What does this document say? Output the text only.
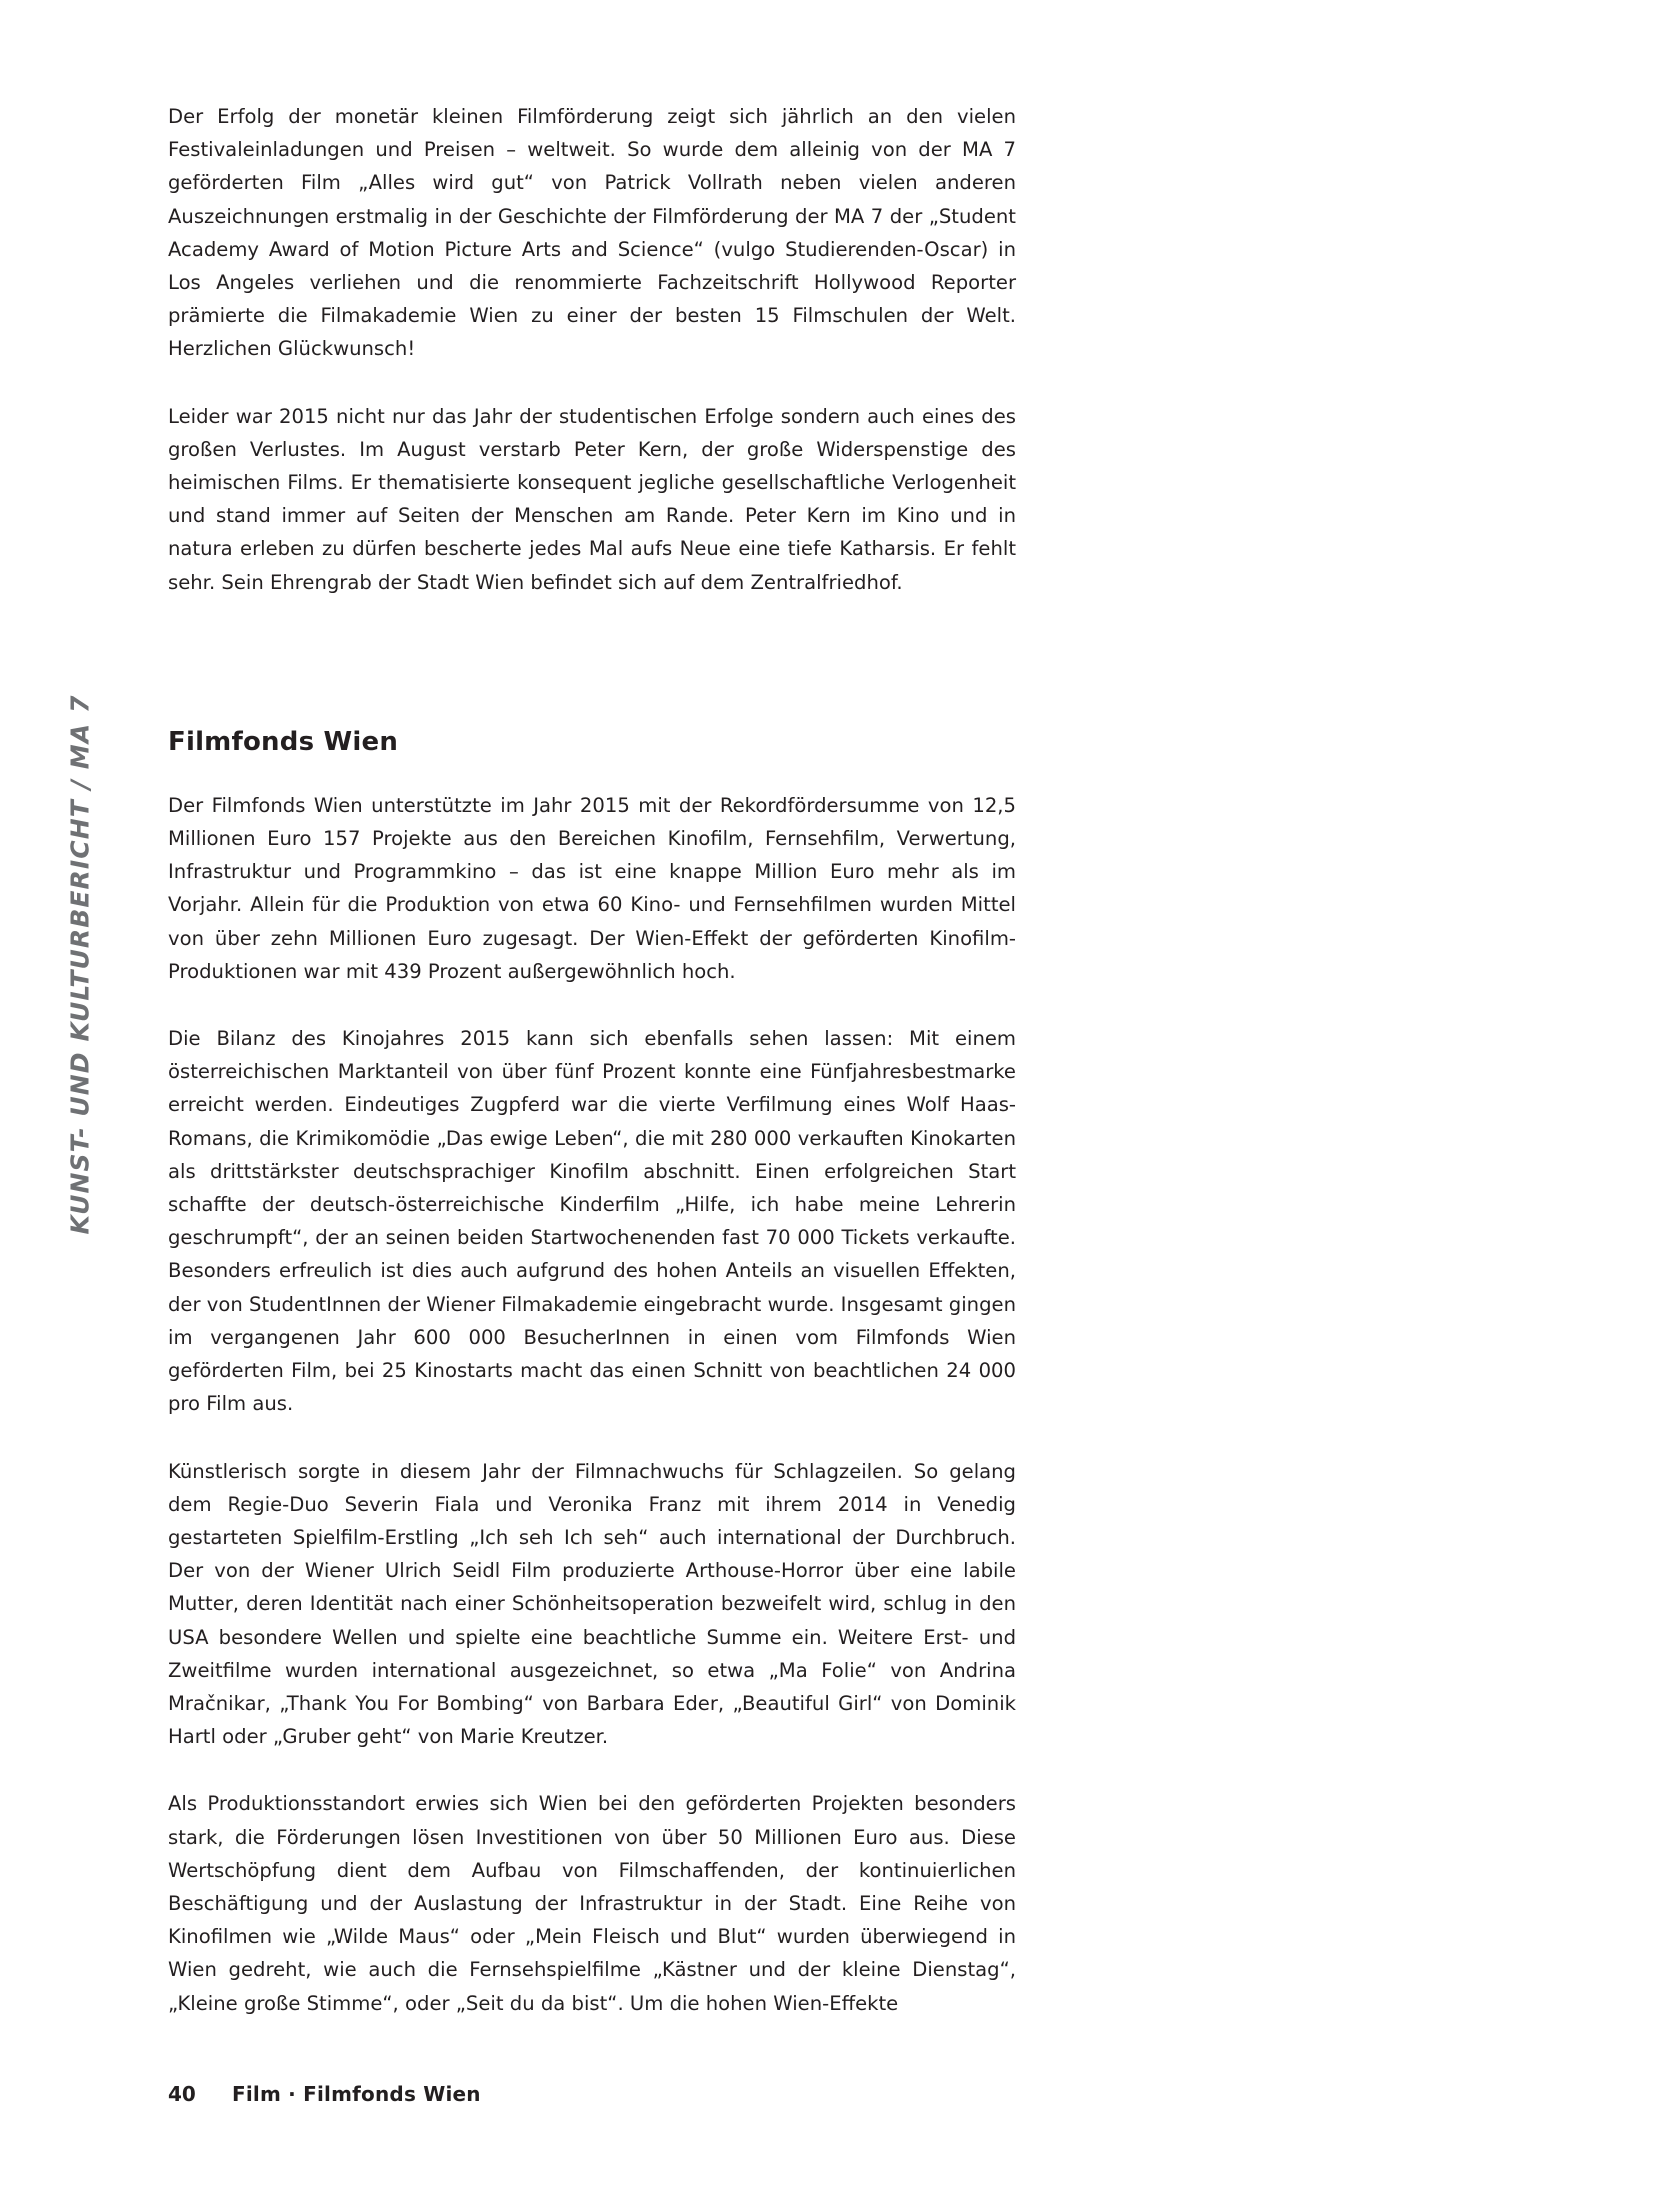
KUNST- UND KULTURBERICHT / MA 7

Der Erfolg der monetär kleinen Filmförderung zeigt sich jährlich an den vielen Festivaleinladungen und Preisen – weltweit. So wurde dem alleinig von der MA 7 geförderten Film „Alles wird gut“ von Patrick Vollrath neben vielen anderen Auszeichnungen erstmalig in der Geschichte der Filmförderung der MA 7 der „Student Academy Award of Motion Picture Arts and Science“ (vulgo Studierenden-Oscar) in Los Angeles verliehen und die renommierte Fachzeitschrift Hollywood Reporter prämierte die Filmakademie Wien zu einer der besten 15 Filmschulen der Welt. Herzlichen Glückwunsch!

Leider war 2015 nicht nur das Jahr der studentischen Erfolge sondern auch eines des großen Verlustes. Im August verstarb Peter Kern, der große Widerspenstige des heimischen Films. Er thematisierte konsequent jegliche gesellschaftliche Verlogenheit und stand immer auf Seiten der Menschen am Rande. Peter Kern im Kino und in natura erleben zu dürfen bescherte jedes Mal aufs Neue eine tiefe Katharsis. Er fehlt sehr. Sein Ehrengrab der Stadt Wien befindet sich auf dem Zentralfriedhof.

Filmfonds Wien

Der Filmfonds Wien unterstützte im Jahr 2015 mit der Rekordfördersumme von 12,5 Millionen Euro 157 Projekte aus den Bereichen Kinofilm, Fernsehfilm, Verwertung, Infrastruktur und Programmkino – das ist eine knappe Million Euro mehr als im Vorjahr. Allein für die Produktion von etwa 60 Kino- und Fernsehfilmen wurden Mittel von über zehn Millionen Euro zugesagt. Der Wien-Effekt der geförderten Kinofilm-Produktionen war mit 439 Prozent außergewöhnlich hoch.

Die Bilanz des Kinojahres 2015 kann sich ebenfalls sehen lassen: Mit einem österreichischen Marktanteil von über fünf Prozent konnte eine Fünfjahresbestmarke erreicht werden. Eindeutiges Zugpferd war die vierte Verfilmung eines Wolf Haas-Romans, die Krimikomödie „Das ewige Leben“, die mit 280 000 verkauften Kinokarten als drittstärkster deutschsprachiger Kinofilm abschnitt. Einen erfolgreichen Start schaffte der deutsch-österreichische Kinderfilm „Hilfe, ich habe meine Lehrerin geschrumpft“, der an seinen beiden Startwochenenden fast 70 000 Tickets verkaufte. Besonders erfreulich ist dies auch aufgrund des hohen Anteils an visuellen Effekten, der von StudentInnen der Wiener Filmakademie eingebracht wurde. Insgesamt gingen im vergangenen Jahr 600 000 BesucherInnen in einen vom Filmfonds Wien geförderten Film, bei 25 Kinostarts macht das einen Schnitt von beachtlichen 24 000 pro Film aus.

Künstlerisch sorgte in diesem Jahr der Filmnachwuchs für Schlagzeilen. So gelang dem Regie-Duo Severin Fiala und Veronika Franz mit ihrem 2014 in Venedig gestarteten Spielfilm-Erstling „Ich seh Ich seh“ auch international der Durchbruch. Der von der Wiener Ulrich Seidl Film produzierte Arthouse-Horror über eine labile Mutter, deren Identität nach einer Schönheitsoperation bezweifelt wird, schlug in den USA besondere Wellen und spielte eine beachtliche Summe ein. Weitere Erst- und Zweitfilme wurden international ausgezeichnet, so etwa „Ma Folie“ von Andrina Mračnikar, „Thank You For Bombing“ von Barbara Eder, „Beautiful Girl“ von Dominik Hartl oder „Gruber geht“ von Marie Kreutzer.

Als Produktionsstandort erwies sich Wien bei den geförderten Projekten besonders stark, die Förderungen lösen Investitionen von über 50 Millionen Euro aus. Diese Wertschöpfung dient dem Aufbau von Filmschaffenden, der kontinuierlichen Beschäftigung und der Auslastung der Infrastruktur in der Stadt. Eine Reihe von Kinofilmen wie „Wilde Maus“ oder „Mein Fleisch und Blut“ wurden überwiegend in Wien gedreht, wie auch die Fernsehspielfilme „Kästner und der kleine Dienstag“, „Kleine große Stimme“, oder „Seit du da bist“. Um die hohen Wien-Effekte

40	Film · Filmfonds Wien
